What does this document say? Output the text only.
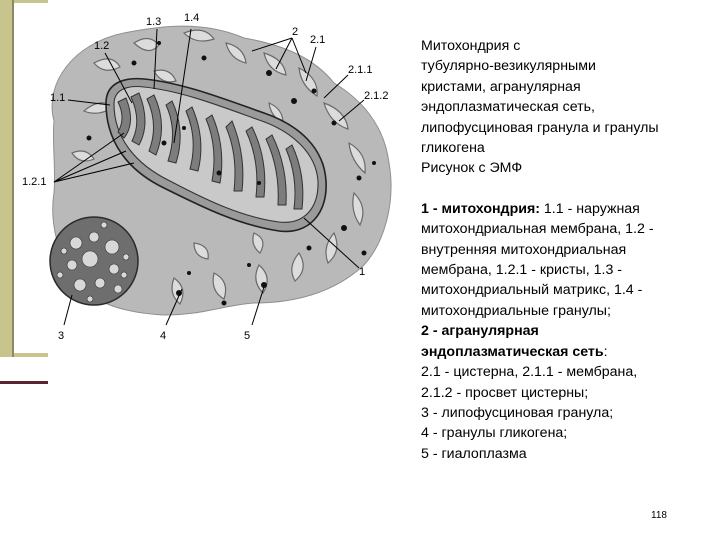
1.3 1.4
1.2
2
2.1
2.1.1
1.1	2.1.2
1.2.1
1
3	4	5

Митохондрия с

тубулярно-везикулярными

кристами, агранулярная

эндоплазматическая сеть,

липофусциновая гранула и гранулы

гликогена

Рисунок с ЭМФ

1 - митохондрия: 1.1 - наружная

митохондриальная мембрана, 1.2 -

внутренняя митохондриальная

мембрана, 1.2.1 - кристы, 1.3 -

митохондриальный матрикс, 1.4 -

митохондриальные гранулы;

2 - агранулярная

эндоплазматическая сеть:

2.1 - цистерна, 2.1.1 - мембрана,

2.1.2 - просвет цистерны;

3 - липофусциновая гранула;

4 - гранулы гликогена;

5 - гиалоплазма

118
